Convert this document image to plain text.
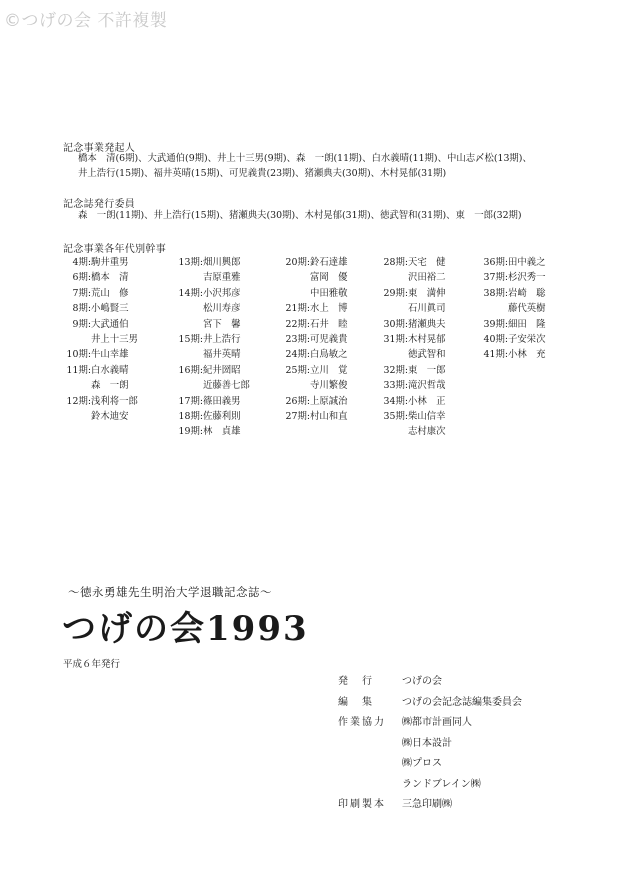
©つげの会 不許複製
記念事業発起人
橋本　清(6期)、大武通伯(9期)、井上十三男(9期)、森　一朗(11期)、白水義晴(11期)、中山志〆松(13期)、
井上浩行(15期)、福井英晴(15期)、可児義貴(23期)、猪瀬典夫(30期)、木村晃郁(31期)
記念誌発行委員
森　一朗(11期)、井上浩行(15期)、猪瀬典夫(30期)、木村晃郁(31期)、徳武智和(31期)、東　一郎(32期)
記念事業各年代別幹事
4期:駒井重男
6期:橋本　清
7期:荒山　修
8期:小嶋賢三
9期:大武通伯
井上十三男
10期:牛山幸雄
11期:白水義晴
森　一朗
12期:浅利将一郎
鈴木迪安
13期:畑川興郎
吉原重雅
14期:小沢邦彦
松川寿彦
宮下　馨
15期:井上浩行
福井英晴
16期:紀井圀昭
近藤善七郎
17期:篠田義男
18期:佐藤利則
19期:林　貞雄
20期:鈴石達雄
富岡　優
中田雅敬
21期:水上　博
22期:石井　睦
23期:可児義貴
24期:白鳥敏之
25期:立川　覚
寺川繁俊
26期:上原誠治
27期:村山和直
28期:天宅　健
沢田裕二
29期:東　満伸
石川眞司
30期:猪瀬典夫
31期:木村晃郁
徳武智和
32期:東　一郎
33期:滝沢哲哉
34期:小林　正
35期:柴山信幸
志村康次
36期:田中義之
37期:杉沢秀一
38期:岩崎　聡
藤代英樹
39期:細田　隆
40期:子安栄次
41期:小林　充
〜徳永勇雄先生明治大学退職記念誌〜
つげの会1993
平成６年発行
発　行	つげの会
編　集	つげの会記念誌編集委員会
作業協力 ㈱都市計画同人
㈱日本設計
㈱プロス
ランドブレイン㈱
印刷製本 三急印刷㈱
